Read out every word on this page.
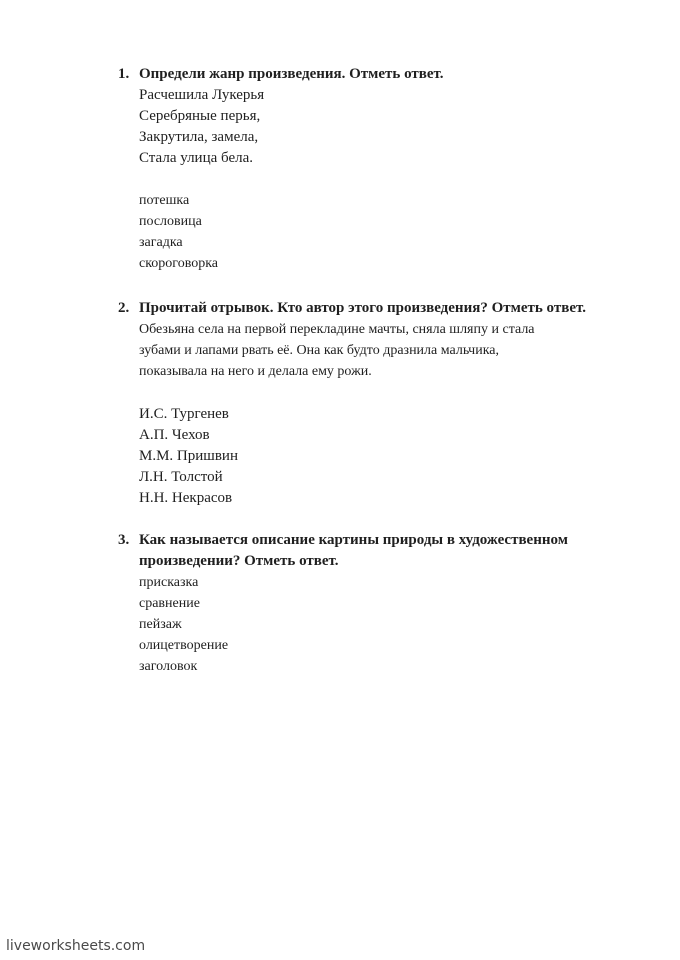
1. Определи жанр произведения. Отметь ответ.
Расчешила Лукерья
Серебряные перья,
Закрутила, замела,
Стала улица бела.
потешка
пословица
загадка
скороговорка
2. Прочитай отрывок. Кто автор этого произведения? Отметь ответ.
Обезьяна села на первой перекладине мачты, сняла шляпу и стала
зубами и лапами рвать её. Она как будто дразнила мальчика,
показывала на него и делала ему рожи.
И.С. Тургенев
А.П. Чехов
М.М. Пришвин
Л.Н. Толстой
Н.Н. Некрасов
3. Как называется описание картины природы в художественном
произведении? Отметь ответ.
присказка
сравнение
пейзаж
олицетворение
заголовок
liveworksheets.com
